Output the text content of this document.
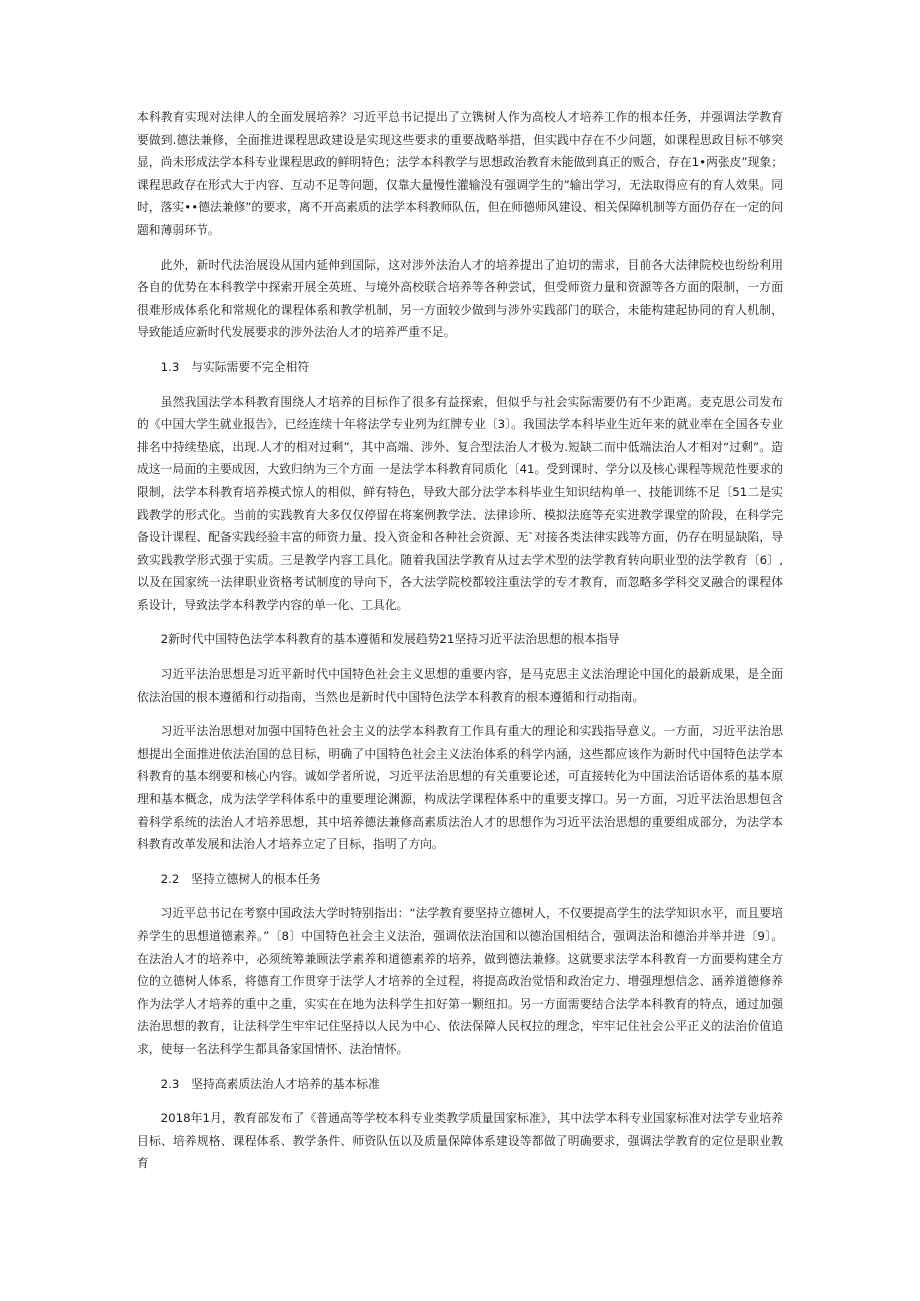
本科教育实现对法律人的全面发展培养？习近平总书记提出了立镌树人作为高校人才培养工作的根本任务，并强调法学教育要做到.德法兼修，全面推进课程思政建设是实现这些要求的重要战略举措，但实践中存在不少问题，如课程思政目标不够突显，尚未形成法学本科专业课程思政的鲜明特色；法学本科教学与思想政治教育未能做到真正的贩合，存在1•两张皮”现象；课程思政存在形式大于内容、互动不足等问题，仅靠大量慢性灌输没有强调学生的”输出学习，无法取得应有的育人效果。同时，落实••德法兼修”的要求，离不开高素质的法学本科教师队伍，但在师德师风建设、相关保障机制等方面仍存在一定的问题和薄弱环节。

此外，新时代法治展设从国内延伸到国际，这对涉外法治人才的培养提出了迫切的需求，目前各大法律院校也纷纷利用各自的优势在本科教学中探索开展全英班、与境外高校联合培养等各种尝试，但受师资力量和资源等各方面的限制，一方面很难形成体系化和常规化的课程体系和教学机制，另一方面较少做到与涉外实践部门的联合，未能构建起协同的育人机制，导致能适应新时代发展要求的涉外法治人才的培养严重不足。

1.3　与实际需要不完全相符

虽然我国法学本科教育围绕人才培养的目标作了很多有益探索，但似乎与社会实际需要仍有不少距离。麦克思公司发布的《中国大学生就业报告》，已经连续十年将法学专业列为红牌专业〔3〕。我国法学本科毕业生近年来的就业率在全国各专业排名中持续垫底，出现.人才的相对过剩”，其中高端、涉外、复合型法治人才极为.短缺二而中低端法治人才相对“过剩”。造成这一局面的主要成因，大致归纳为三个方面 一是法学本科教育同质化〔41。受到课时、学分以及核心课程等规范性要求的限制，法学本科教育培养模式惊人的相似，鲜有特色，导致大部分法学本科毕业生知识结构单一、技能训练不足〔51二是实践教学的形式化。当前的实践教育大多仅仅停留在将案例教学法、法律诊所、模拟法庭等充实进教学课堂的阶段，在科学完备设计课程、配备实践经验丰富的师资力量、投入资金和各种社会资源、无`对接各类法律实践等方面，仍存在明显缺陷，导致实践教学形式强于实质。三是教学内容工具化。随着我国法学教育从过去学术型的法学教育转向职业型的法学教育〔6〕,以及在国家统一法律职业资格考试制度的导向下，各大法学院校都较注重法学的专才教育，而忽略多学科交叉融合的课程体系设计，导致法学本科教学内容的单一化、工具化。

2新时代中国特色法学本科教育的基本遵循和发展趋势21坚持习近平法治思想的根本指导

习近平法治思想是习近平新时代中国特色社会主义思想的重要内容，是马克思主义法治理论中国化的最新成果，是全面依法治国的根本遵循和行动指南，当然也是新时代中国特色法学本科教育的根本遵循和行动指南。

习近平法治思想对加强中国特色社会主义的法学本科教育工作具有重大的理论和实践指导意义。一方面，习近平法治思想提出全面推进依法治国的总目标，明确了中国特色社会主义法治体系的科学内涵，这些都应该作为新时代中国特色法学本科教育的基本纲要和核心内容。诚如学者所说，习近平法治思想的有关重要论述，可直接转化为中国法治话语体系的基本原理和基本概念，成为法学学科体系中的重要理论渊源，构成法学课程体系中的重要支撑口。另一方面，习近平法治思想包含着科学系统的法治人才培养思想，其中培养德法兼修高素质法治人才的思想作为习近平法治思想的重要组成部分，为法学本科教育改革发展和法治人才培养立定了目标，指明了方向。

2.2　坚持立德树人的根本任务

习近平总书记在考察中国政法大学时特别指出：“法学教育要坚持立德树人，不仅要提高学生的法学知识水平，而且要培养学生的思想道德素养。”〔8〕中国特色社会主义法治，强调依法治国和以德治国相结合，强调法治和德治并举并进〔9〕。在法治人才的培养中，必须统筹兼顾法学素养和道德素养的培养，做到德法兼修。这就要求法学本科教育一方面要构建全方位的立德树人体系，将德育工作贯穿于法学人才培养的全过程，将提高政治觉悟和政治定力、增强理想信念、涵养道德修养作为法学人才培养的重中之重，实实在在地为法科学生扣好第一颗纽扣。另一方面需要结合法学本科教育的特点，通过加强法治思想的教育，让法科学生牢牢记住坚持以人民为中心、依法保障人民权拉的理念，牢牢记住社会公平正义的法治价值追求，使每一名法科学生都具备家国情怀、法治情怀。

2.3　坚持高素质法治人才培养的基本标准

2018年1月，教育部发布了《普通高等学校本科专业类教学质量国家标准》，其中法学本科专业国家标准对法学专业培养目标、培养规格、课程体系、教学条件、师资队伍以及质量保障体系建设等都做了明确要求，强调法学教育的定位是职业教育
